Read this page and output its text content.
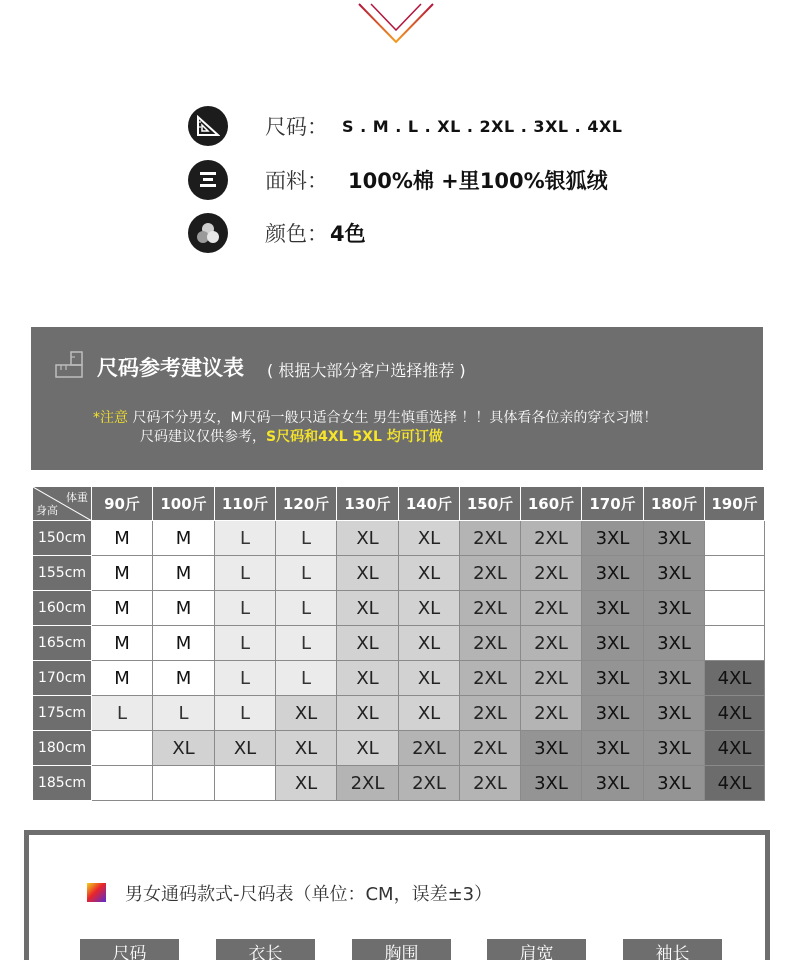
尺码： S . M . L . XL . 2XL . 3XL . 4XL
面料： 100%棉 +里100%银狐绒
颜色： 4色
尺码参考建议表 ( 根据大部分客户选择推荐 )
*注意 尺码不分男女，M尺码一般只适合女生 男生慎重选择 ！！具体看各位亲的穿衣习惯！
尺码建议仅供参考，S尺码和4XL 5XL 均可订做
体重
身高	90斤	100斤	110斤	120斤	130斤	140斤	150斤	160斤	170斤	180斤	190斤
150cm	M	M	L	L	XL	XL	2XL	2XL	3XL	3XL	
155cm	M	M	L	L	XL	XL	2XL	2XL	3XL	3XL	
160cm	M	M	L	L	XL	XL	2XL	2XL	3XL	3XL	
165cm	M	M	L	L	XL	XL	2XL	2XL	3XL	3XL	
170cm	M	M	L	L	XL	XL	2XL	2XL	3XL	3XL	4XL
175cm	L	L	L	XL	XL	XL	2XL	2XL	3XL	3XL	4XL
180cm		XL	XL	XL	XL	2XL	2XL	3XL	3XL	3XL	4XL
185cm				XL	2XL	2XL	2XL	3XL	3XL	3XL	4XL
男女通码款式-尺码表（单位：CM，误差±3）
尺码	衣长	胸围	肩宽	袖长
